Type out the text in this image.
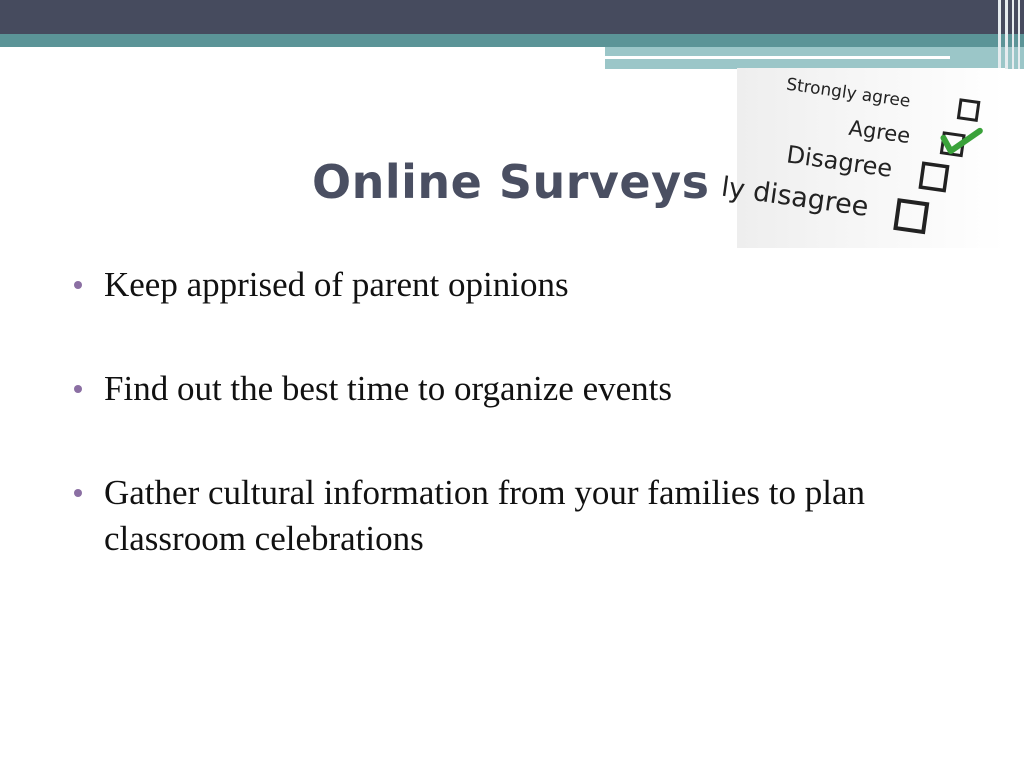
Online Surveys
Strongly agree
Agree
Disagree
ly disagree
Keep apprised of parent opinions
Find out the best time to organize events
Gather cultural information from your families to plan classroom celebrations
